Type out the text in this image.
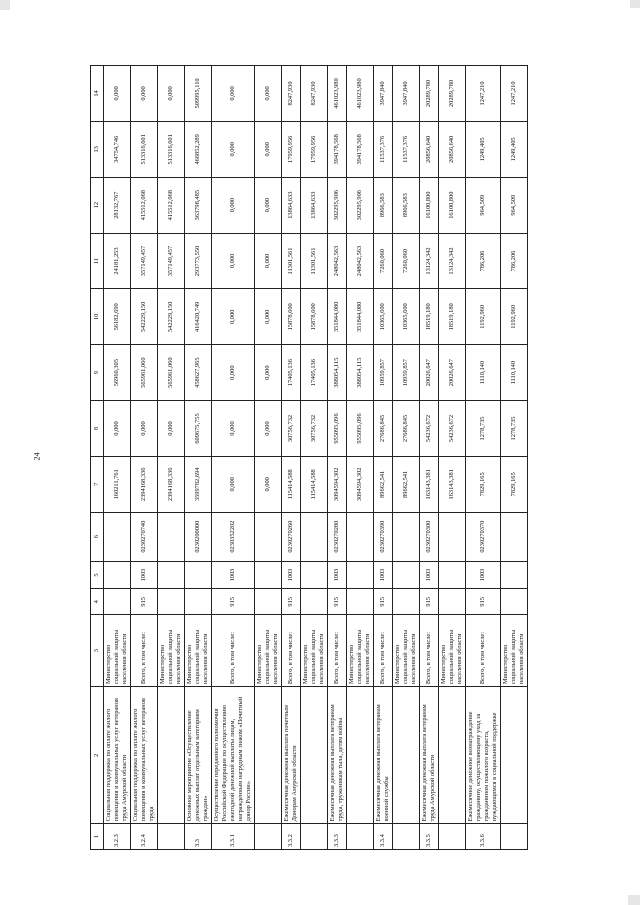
24
1	2	3	4	5	6	7	8	9	10	11	12	13	14
3.2.3	Социальная поддержка по оплате жилого помещения и коммунальных услуг ветеранов труда Амурской области	Министерство социальной защиты населения области				160211,761	0,000	56960,305	56182,690	24181,253	28132,767	34754,746	0,000
3.2.4	Социальная поддержка по оплате жилого помещения и коммунальных услуг ветеранов труда	Всего, в том числе:	915	1003	0230270740	2394168,336	0,000	565961,060	542229,150	357149,457	415512,068	513316,601	0,000
		Министерство социальной защиты населения области				2394168,336	0,000	565961,060	542229,150	357149,457	415512,068	513316,601	0,000
3.3	Основное мероприятие «Осуществление денежных выплат отдельным категориям граждан»	Министерство социальной защиты населения области			0230200000	3599782,694	609675,755	458627,965	416420,749	293773,550	363798,485	466852,289	509995,110
3.3.1	Осуществление переданного полномочия Российской Федерации по осуществлению ежегодной денежной выплаты лицам, награжденным нагрудным знаком «Почетный донор России»	Всего, в том числе:	915	1003	0230352202	0,000	0,000	0,000	0,000	0,000	0,000	0,000	0,000
		Министерство социальной защиты населения области				0,000	0,000	0,000	0,000	0,000	0,000	0,000	0,000
3.3.2	Ежемесячная денежная выплата почетным Донорам Амурской области	Всего, в том числе:	915	1003	0230270260	115414,588	30756,732	17405,136	15878,600	11301,561	13864,633	17959,956	8247,930
		Министерство социальной защиты населения области				115414,588	30756,732	17405,136	15878,600	11301,561	13864,633	17959,956	8247,930
3.3.3	Ежемесячная денежная выплата ветеранам труда, труженикам тыла, детям войны	Всего, в том числе:	915	1003	0230270280	3094594,302	955095,096	388054,115	351844,080	248042,563	302295,906	394178,568	461023,980
		Министерство социальной защиты населения области				3094594,302	955095,096	388054,115	351844,080	248042,563	302295,906	394178,568	461023,980
3.3.4	Ежемесячная денежная выплата ветеранам военной службы	Всего, в том числе:	915	1003	0230270390	89662,541	27686,845	10959,857	10365,600	7260,060	8966,583	11537,376	3947,840
		Министерство социальной защиты населения области				89662,541	27686,845	10959,857	10365,600	7260,060	8966,583	11537,376	3947,840
3.3.5	Ежемесячная денежная выплата ветеранам труда Амурской области	Всего, в том числе:	915	1003	0230270300	163143,381	54236,672	20026,647	18519,180	13124,342	16100,800	20856,640	20289,780
		Министерство социальной защиты населения области				163143,381	54236,672	20026,647	18519,180	13124,342	16100,800	20856,640	20289,780
3.3.6	Ежемесячное денежное вознаграждение гражданину, осуществляющему уход за гражданином пожилого возраста, нуждающимся в социальной поддержке	Всего, в том числе:	915	1003	0230270370	7829,165	1278,735	1110,140	1192,960	786,206	964,509	1249,405	1247,210
		Министерство социальной защиты населения области				7829,165	1278,735	1110,140	1192,960	786,206	964,509	1249,405	1247,210
